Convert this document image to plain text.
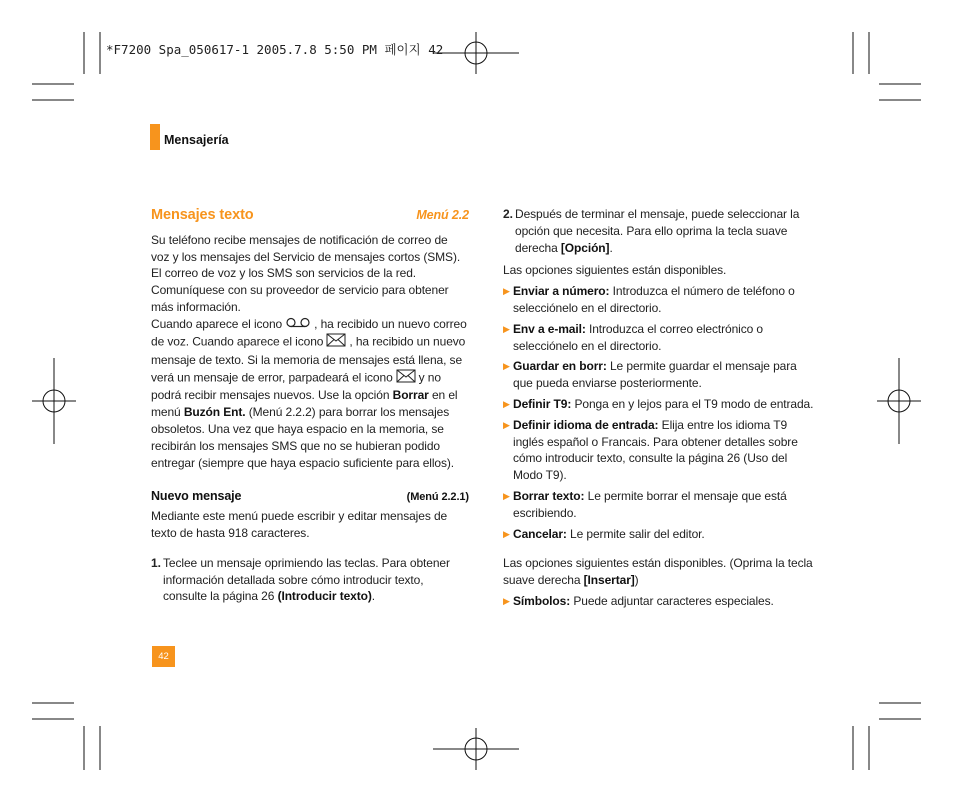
*F7200 Spa_050617-1 2005.7.8 5:50 PM 페이지 42
Mensajería
Mensajes texto	Menú 2.2

Su teléfono recibe mensajes de notificación de correo de voz y los mensajes del Servicio de mensajes cortos (SMS). El correo de voz y los SMS son servicios de la red. Comuníquese con su proveedor de servicio para obtener más información.

Cuando aparece el icono	, ha recibido un nuevo correo de voz. Cuando aparece el icono , ha recibido un nuevo mensaje de texto. Si la memoria de mensajes está llena, se verá un mensaje de error, parpadeará el icono y no podrá recibir mensajes nuevos. Use la opción Borrar en el menú Buzón Ent. (Menú 2.2.2) para borrar los mensajes obsoletos. Una vez que haya espacio en la memoria, se recibirán los mensajes SMS que no se hubieran podido entregar (siempre que haya espacio suficiente para ellos).

Nuevo mensaje	(Menú 2.2.1)

Mediante este menú puede escribir y editar mensajes de texto de hasta 918 caracteres.

1. Teclee un mensaje oprimiendo las teclas. Para obtener información detallada sobre cómo introducir texto, consulte la página 26 (Introducir texto).
2. Después de terminar el mensaje, puede seleccionar la opción que necesita. Para ello oprima la tecla suave derecha [Opción].

Las opciones siguientes están disponibles.

▶ Enviar a número: Introduzca el número de teléfono o selecciónelo en el directorio.
▶ Env a e-mail: Introduzca el correo electrónico o selecciónelo en el directorio.
▶ Guardar en borr: Le permite guardar el mensaje para que pueda enviarse posteriormente.
▶ Definir T9: Ponga en y lejos para el T9 modo de entrada.
▶ Definir idioma de entrada: Elija entre los idioma T9 inglés español o Francais. Para obtener detalles sobre cómo introducir texto, consulte la página 26 (Uso del Modo T9).
▶ Borrar texto: Le permite borrar el mensaje que está escribiendo.
▶ Cancelar: Le permite salir del editor.

Las opciones siguientes están disponibles. (Oprima la tecla suave derecha [Insertar])

▶ Símbolos: Puede adjuntar caracteres especiales.
42
